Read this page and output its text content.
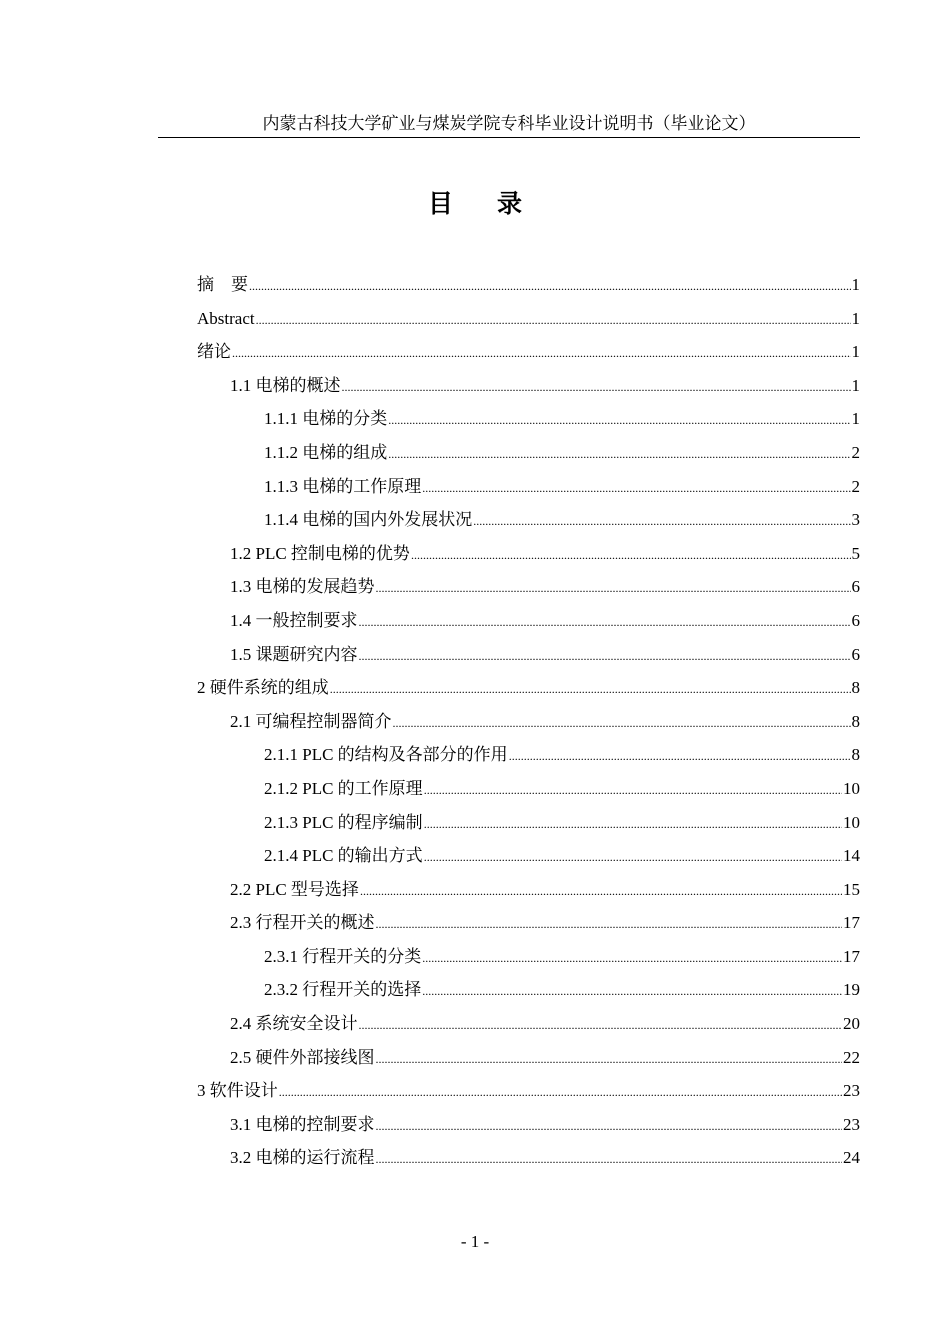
内蒙古科技大学矿业与煤炭学院专科毕业设计说明书（毕业论文）
目录
摘    要 .....	1
Abstract .....	1
绪论 .....	1
1.1 电梯的概述 .....	1
1.1.1 电梯的分类 .....	1
1.1.2 电梯的组成 .....	2
1.1.3 电梯的工作原理 .....	2
1.1.4 电梯的国内外发展状况 .....	3
1.2 PLC 控制电梯的优势 .....	5
1.3 电梯的发展趋势 .....	6
1.4 一般控制要求 .....	6
1.5 课题研究内容 .....	6
2 硬件系统的组成 .....	8
2.1 可编程控制器简介 .....	8
2.1.1 PLC 的结构及各部分的作用 .....	8
2.1.2 PLC 的工作原理 .....	10
2.1.3 PLC 的程序编制 .....	10
2.1.4 PLC 的输出方式 .....	14
2.2 PLC 型号选择 .....	15
2.3 行程开关的概述 .....	17
2.3.1 行程开关的分类 .....	17
2.3.2 行程开关的选择 .....	19
2.4 系统安全设计 .....	20
2.5 硬件外部接线图 .....	22
3 软件设计 .....	23
3.1 电梯的控制要求 .....	23
3.2 电梯的运行流程 .....	24
- 1 -
